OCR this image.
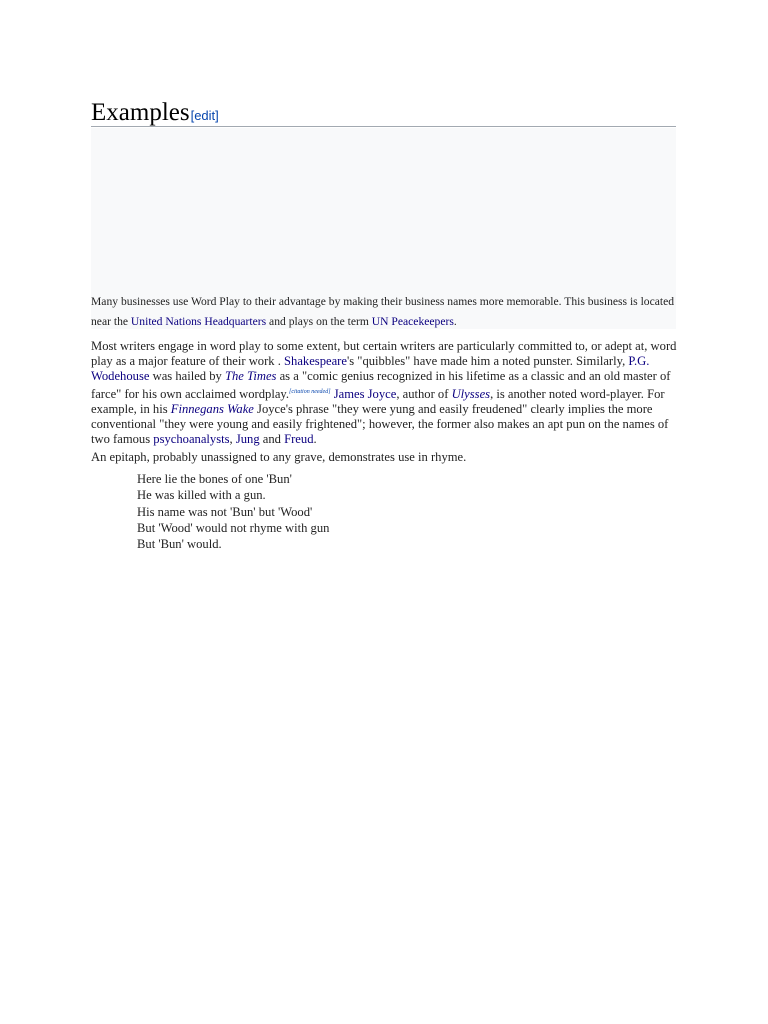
Examples[edit]
Many businesses use Word Play to their advantage by making their business names more memorable. This business is located near the United Nations Headquarters and plays on the term UN Peacekeepers.
Most writers engage in word play to some extent, but certain writers are particularly committed to, or adept at, word play as a major feature of their work . Shakespeare's "quibbles" have made him a noted punster. Similarly, P.G. Wodehouse was hailed by The Times as a "comic genius recognized in his lifetime as a classic and an old master of farce" for his own acclaimed wordplay.[citation needed] James Joyce, author of Ulysses, is another noted word-player. For example, in his Finnegans Wake Joyce's phrase "they were yung and easily freudened" clearly implies the more conventional "they were young and easily frightened"; however, the former also makes an apt pun on the names of two famous psychoanalysts, Jung and Freud.
An epitaph, probably unassigned to any grave, demonstrates use in rhyme.
Here lie the bones of one 'Bun'
He was killed with a gun.
His name was not 'Bun' but 'Wood'
But 'Wood' would not rhyme with gun
But 'Bun' would.
